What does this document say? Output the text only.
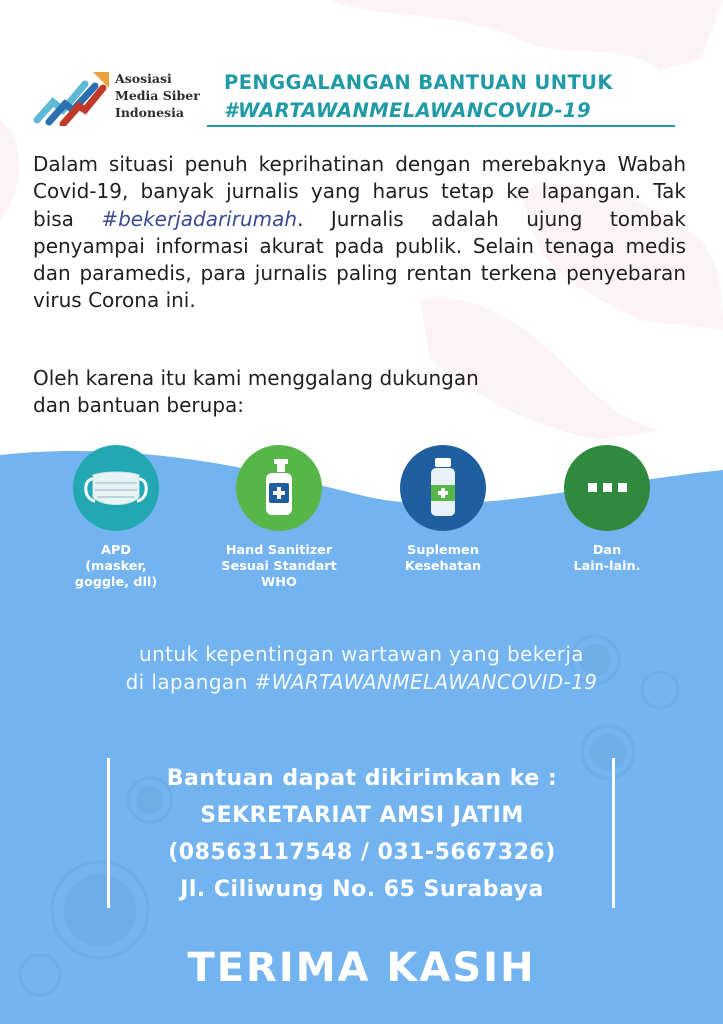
Asosiasi
Media Siber
Indonesia
PENGGALANGAN BANTUAN UNTUK
#WARTAWANMELAWANCOVID-19
Dalam situasi penuh keprihatinan dengan merebaknya Wabah Covid-19, banyak jurnalis yang harus tetap ke lapangan. Tak bisa #bekerjadarirumah. Jurnalis adalah ujung tombak penyampai informasi akurat pada publik. Selain tenaga medis dan paramedis, para jurnalis paling rentan terkena penyebaran virus Corona ini.
Oleh karena itu kami menggalang dukungan
dan bantuan berupa:
APD
(masker,
goggle, dll)
Hand Sanitizer
Sesuai Standart
WHO
Suplemen
Kesehatan
Dan
Lain-lain.
untuk kepentingan wartawan yang bekerja
di lapangan #WARTAWANMELAWANCOVID-19
Bantuan dapat dikirimkan ke :
SEKRETARIAT AMSI JATIM
(08563117548 / 031-5667326)
Jl. Ciliwung No. 65 Surabaya
TERIMA KASIH
